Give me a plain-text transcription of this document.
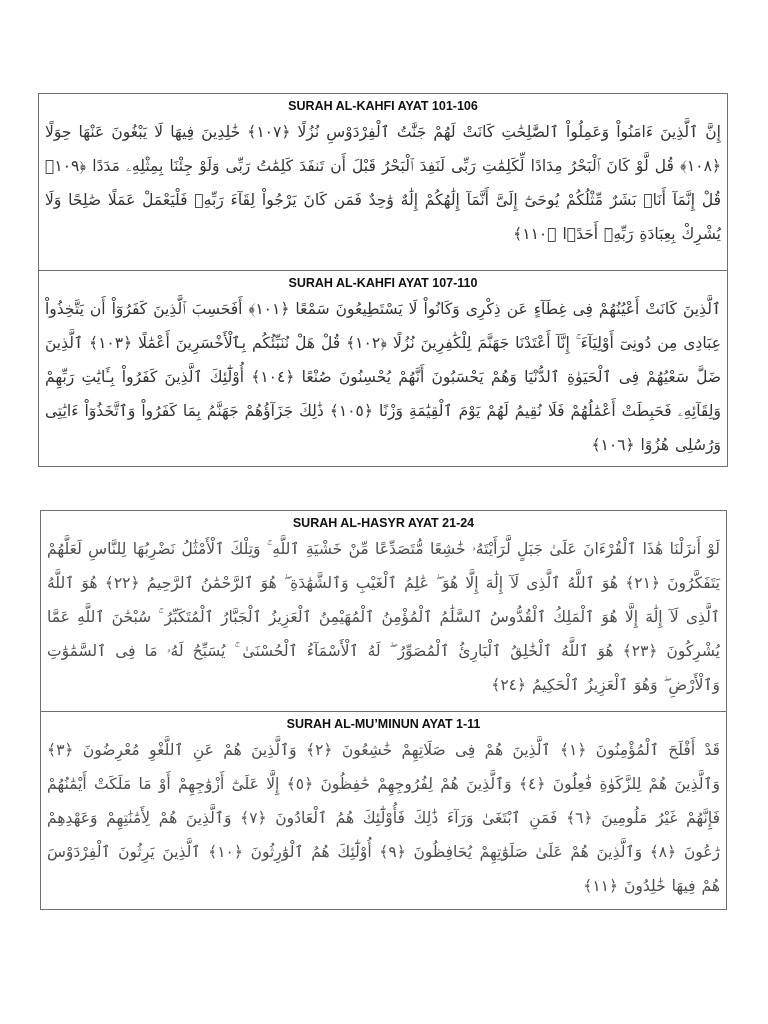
SURAH AL-KAHFI AYAT 101-106

إِنَّ ٱلَّذِينَ ءَامَنُواْ وَعَمِلُواْ ٱلصَّٰلِحَٰتِ كَانَتْ لَهُمْ جَنَّٰتُ ٱلْفِرْدَوْسِ نُزُلًا ﴿١٠٧﴾ خَٰلِدِينَ فِيهَا لَا يَبْغُونَ عَنْهَا حِوَلًا ﴿١٠٨﴾ قُل لَّوْ كَانَ ٱلْبَحْرُ مِدَادًا لِّكَلِمَٰتِ رَبِّى لَنَفِدَ ٱلْبَحْرُ قَبْلَ أَن تَنفَدَ كَلِمَٰتُ رَبِّى وَلَوْ جِئْنَا بِمِثْلِهِۦ مَدَدًا ﴿١٠٩﴾ قُلْ إِنَّمَآ أَنَا۠ بَشَرٌ مِّثْلُكُمْ يُوحَىٰٓ إِلَىَّ أَنَّمَآ إِلَٰهُكُمْ إِلَٰهٌ وَٰحِدٌ فَمَن كَانَ يَرْجُواْ لِقَآءَ رَبِّهِۦ فَلْيَعْمَلْ عَمَلًا صَٰلِحًا وَلَا يُشْرِكْ بِعِبَادَةِ رَبِّهِۦٓ أَحَدًۢا ﴿١١٠﴾

SURAH AL-KAHFI AYAT 107-110

ٱلَّذِينَ كَانَتْ أَعْيُنُهُمْ فِى غِطَآءٍ عَن ذِكْرِى وَكَانُواْ لَا يَسْتَطِيعُونَ سَمْعًا ﴿١٠١﴾ أَفَحَسِبَ ٱلَّذِينَ كَفَرُوٓاْ أَن يَتَّخِذُواْ عِبَادِى مِن دُونِىٓ أَوْلِيَآءَ ۚ إِنَّآ أَعْتَدْنَا جَهَنَّمَ لِلْكَٰفِرِينَ نُزُلًا ﴿١٠٢﴾ قُلْ هَلْ نُنَبِّئُكُم بِٱلْأَخْسَرِينَ أَعْمَٰلًا ﴿١٠٣﴾ ٱلَّذِينَ ضَلَّ سَعْيُهُمْ فِى ٱلْحَيَوٰةِ ٱلدُّنْيَا وَهُمْ يَحْسَبُونَ أَنَّهُمْ يُحْسِنُونَ صُنْعًا ﴿١٠٤﴾ أُوْلَٰٓئِكَ ٱلَّذِينَ كَفَرُواْ بِـَٔايَٰتِ رَبِّهِمْ وَلِقَآئِهِۦ فَحَبِطَتْ أَعْمَٰلُهُمْ فَلَا نُقِيمُ لَهُمْ يَوْمَ ٱلْقِيَٰمَةِ وَزْنًا ﴿١٠٥﴾ ذَٰلِكَ جَزَآؤُهُمْ جَهَنَّمُ بِمَا كَفَرُواْ وَٱتَّخَذُوٓاْ ءَايَٰتِى وَرُسُلِى هُزُوًا ﴿١٠٦﴾

SURAH AL-HASYR AYAT 21-24

لَوْ أَنزَلْنَا هَٰذَا ٱلْقُرْءَانَ عَلَىٰ جَبَلٍ لَّرَأَيْتَهُۥ خَٰشِعًا مُّتَصَدِّعًا مِّنْ خَشْيَةِ ٱللَّهِ ۚ وَتِلْكَ ٱلْأَمْثَٰلُ نَضْرِبُهَا لِلنَّاسِ لَعَلَّهُمْ يَتَفَكَّرُونَ ﴿٢١﴾ هُوَ ٱللَّهُ ٱلَّذِى لَآ إِلَٰهَ إِلَّا هُوَ ۖ عَٰلِمُ ٱلْغَيْبِ وَٱلشَّهَٰدَةِ ۖ هُوَ ٱلرَّحْمَٰنُ ٱلرَّحِيمُ ﴿٢٢﴾ هُوَ ٱللَّهُ ٱلَّذِى لَآ إِلَٰهَ إِلَّا هُوَ ٱلْمَلِكُ ٱلْقُدُّوسُ ٱلسَّلَٰمُ ٱلْمُؤْمِنُ ٱلْمُهَيْمِنُ ٱلْعَزِيزُ ٱلْجَبَّارُ ٱلْمُتَكَبِّرُ ۚ سُبْحَٰنَ ٱللَّهِ عَمَّا يُشْرِكُونَ ﴿٢٣﴾ هُوَ ٱللَّهُ ٱلْخَٰلِقُ ٱلْبَارِئُ ٱلْمُصَوِّرُ ۖ لَهُ ٱلْأَسْمَآءُ ٱلْحُسْنَىٰ ۚ يُسَبِّحُ لَهُۥ مَا فِى ٱلسَّمَٰوَٰتِ وَٱلْأَرْضِ ۖ وَهُوَ ٱلْعَزِيزُ ٱلْحَكِيمُ ﴿٢٤﴾

SURAH AL-MU’MINUN AYAT 1-11

قَدْ أَفْلَحَ ٱلْمُؤْمِنُونَ ﴿١﴾ ٱلَّذِينَ هُمْ فِى صَلَاتِهِمْ خَٰشِعُونَ ﴿٢﴾ وَٱلَّذِينَ هُمْ عَنِ ٱللَّغْوِ مُعْرِضُونَ ﴿٣﴾ وَٱلَّذِينَ هُمْ لِلزَّكَوٰةِ فَٰعِلُونَ ﴿٤﴾ وَٱلَّذِينَ هُمْ لِفُرُوجِهِمْ حَٰفِظُونَ ﴿٥﴾ إِلَّا عَلَىٰٓ أَزْوَٰجِهِمْ أَوْ مَا مَلَكَتْ أَيْمَٰنُهُمْ فَإِنَّهُمْ غَيْرُ مَلُومِينَ ﴿٦﴾ فَمَنِ ٱبْتَغَىٰ وَرَآءَ ذَٰلِكَ فَأُوْلَٰٓئِكَ هُمُ ٱلْعَادُونَ ﴿٧﴾ وَٱلَّذِينَ هُمْ لِأَمَٰنَٰتِهِمْ وَعَهْدِهِمْ رَٰعُونَ ﴿٨﴾ وَٱلَّذِينَ هُمْ عَلَىٰ صَلَوَٰتِهِمْ يُحَافِظُونَ ﴿٩﴾ أُوْلَٰٓئِكَ هُمُ ٱلْوَٰرِثُونَ ﴿١٠﴾ ٱلَّذِينَ يَرِثُونَ ٱلْفِرْدَوْسَ هُمْ فِيهَا خَٰلِدُونَ ﴿١١﴾
